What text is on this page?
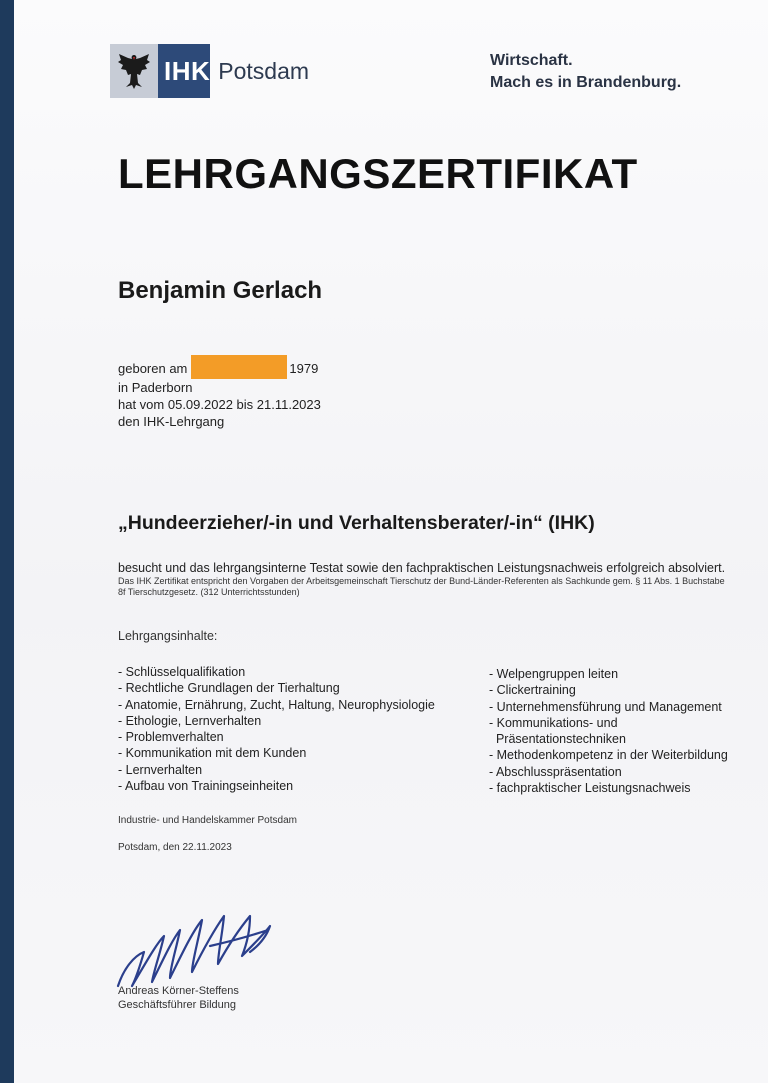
IHK Potsdam	Wirtschaft.
Mach es in Brandenburg.
LEHRGANGSZERTIFIKAT
Benjamin Gerlach
geboren am	1979
in Paderborn
hat vom 05.09.2022 bis 21.11.2023
den IHK-Lehrgang
„Hundeerzieher/-in und Verhaltensberater/-in“ (IHK)
besucht und das lehrgangsinterne Testat sowie den fachpraktischen Leistungsnachweis erfolgreich absolviert.
Das IHK Zertifikat entspricht den Vorgaben der Arbeitsgemeinschaft Tierschutz der Bund-Länder-Referenten als Sachkunde gem. § 11 Abs. 1 Buchstabe 8f Tierschutzgesetz. (312 Unterrichtsstunden)
Lehrgangsinhalte:
- Schlüsselqualifikation
- Rechtliche Grundlagen der Tierhaltung
- Anatomie, Ernährung, Zucht, Haltung, Neurophysiologie
- Ethologie, Lernverhalten
- Problemverhalten
- Kommunikation mit dem Kunden
- Lernverhalten
- Aufbau von Trainingseinheiten
- Welpengruppen leiten
- Clickertraining
- Unternehmensführung und Management
- Kommunikations- und
Präsentationstechniken
- Methodenkompetenz in der Weiterbildung
- Abschlusspräsentation
- fachpraktischer Leistungsnachweis
Industrie- und Handelskammer Potsdam
Potsdam, den 22.11.2023
Andreas Körner-Steffens
Geschäftsführer Bildung
